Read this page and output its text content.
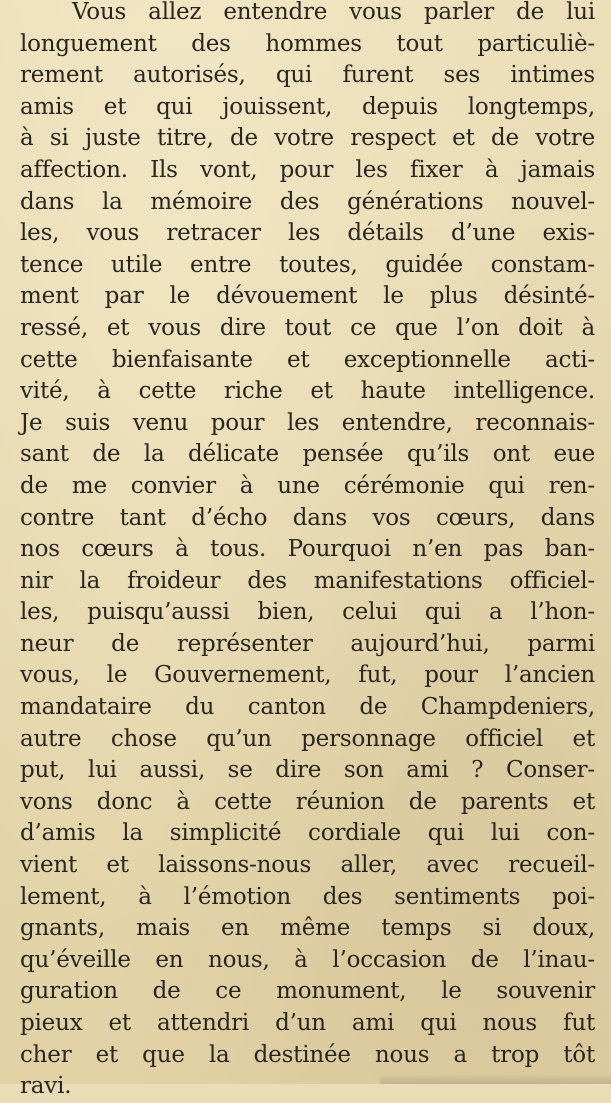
Vous allez entendre vous parler de lui
longuement des hommes tout particuliè-
rement autorisés, qui furent ses intimes
amis et qui jouissent, depuis longtemps,
à si juste titre, de votre respect et de votre
affection. Ils vont, pour les fixer à jamais
dans la mémoire des générations nouvel-
les, vous retracer les détails d’une exis-
tence utile entre toutes, guidée constam-
ment par le dévouement le plus désinté-
ressé, et vous dire tout ce que l’on doit à
cette bienfaisante et exceptionnelle acti-
vité, à cette riche et haute intelligence.
Je suis venu pour les entendre, reconnais-
sant de la délicate pensée qu’ils ont eue
de me convier à une cérémonie qui ren-
contre tant d’écho dans vos cœurs, dans
nos cœurs à tous. Pourquoi n’en pas ban-
nir la froideur des manifestations officiel-
les, puisqu’aussi bien, celui qui a l’hon-
neur de représenter aujourd’hui, parmi
vous, le Gouvernement, fut, pour l’ancien
mandataire du canton de Champdeniers,
autre chose qu’un personnage officiel et
put, lui aussi, se dire son ami ? Conser-
vons donc à cette réunion de parents et
d’amis la simplicité cordiale qui lui con-
vient et laissons-nous aller, avec recueil-
lement, à l’émotion des sentiments poi-
gnants, mais en même temps si doux,
qu’éveille en nous, à l’occasion de l’inau-
guration de ce monument, le souvenir
pieux et attendri d’un ami qui nous fut
cher et que la destinée nous a trop tôt
ravi.
